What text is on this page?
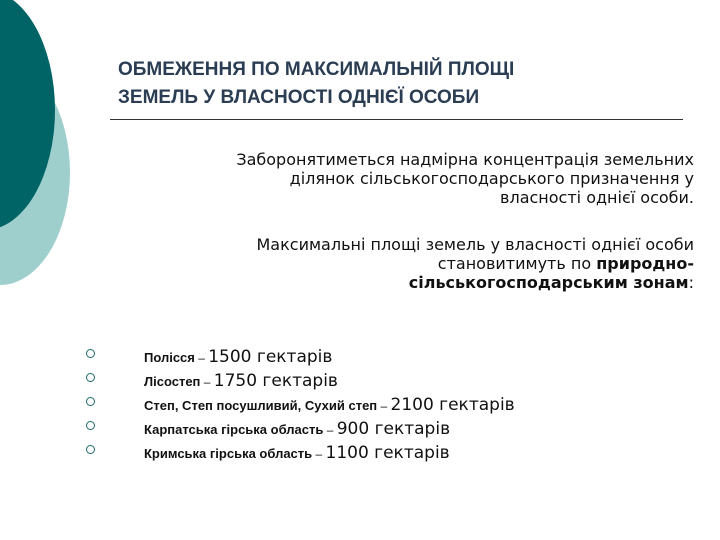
ОБМЕЖЕННЯ ПО МАКСИМАЛЬНІЙ ПЛОЩІ
ЗЕМЕЛЬ У ВЛАСНОСТІ ОДНІЄЇ ОСОБИ
Заборонятиметься надмірна концентрація земельних
ділянок сільськогосподарського призначення у
власності однієї особи.
Максимальні площі земель у власності однієї особи
становитимуть по природно-
сільськогосподарським зонам:
Полісся – 1500 гектарів
Лісостеп – 1750 гектарів
Степ, Степ посушливий, Сухий степ – 2100 гектарів
Карпатська гірська область – 900 гектарів
Кримська гірська область – 1100 гектарів
